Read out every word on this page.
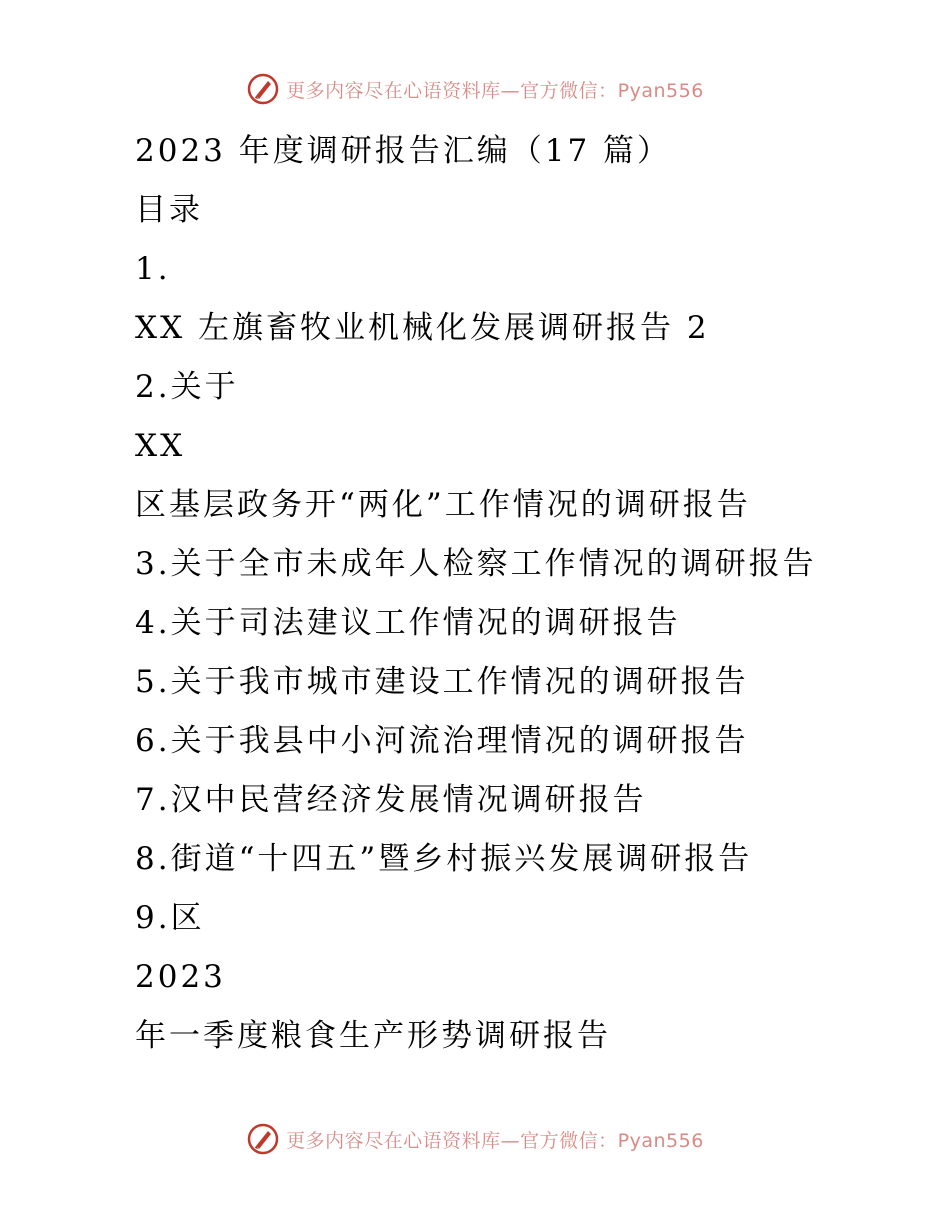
更多内容尽在心语资料库—官方微信：Pyan556
2023 年度调研报告汇编（17 篇）
目录
1.
XX 左旗畜牧业机械化发展调研报告 2
2.关于
XX
区基层政务开“两化”工作情况的调研报告
3.关于全市未成年人检察工作情况的调研报告
4.关于司法建议工作情况的调研报告
5.关于我市城市建设工作情况的调研报告
6.关于我县中小河流治理情况的调研报告
7.汉中民营经济发展情况调研报告
8.街道“十四五”暨乡村振兴发展调研报告
9.区
2023
年一季度粮食生产形势调研报告
更多内容尽在心语资料库—官方微信：Pyan556
